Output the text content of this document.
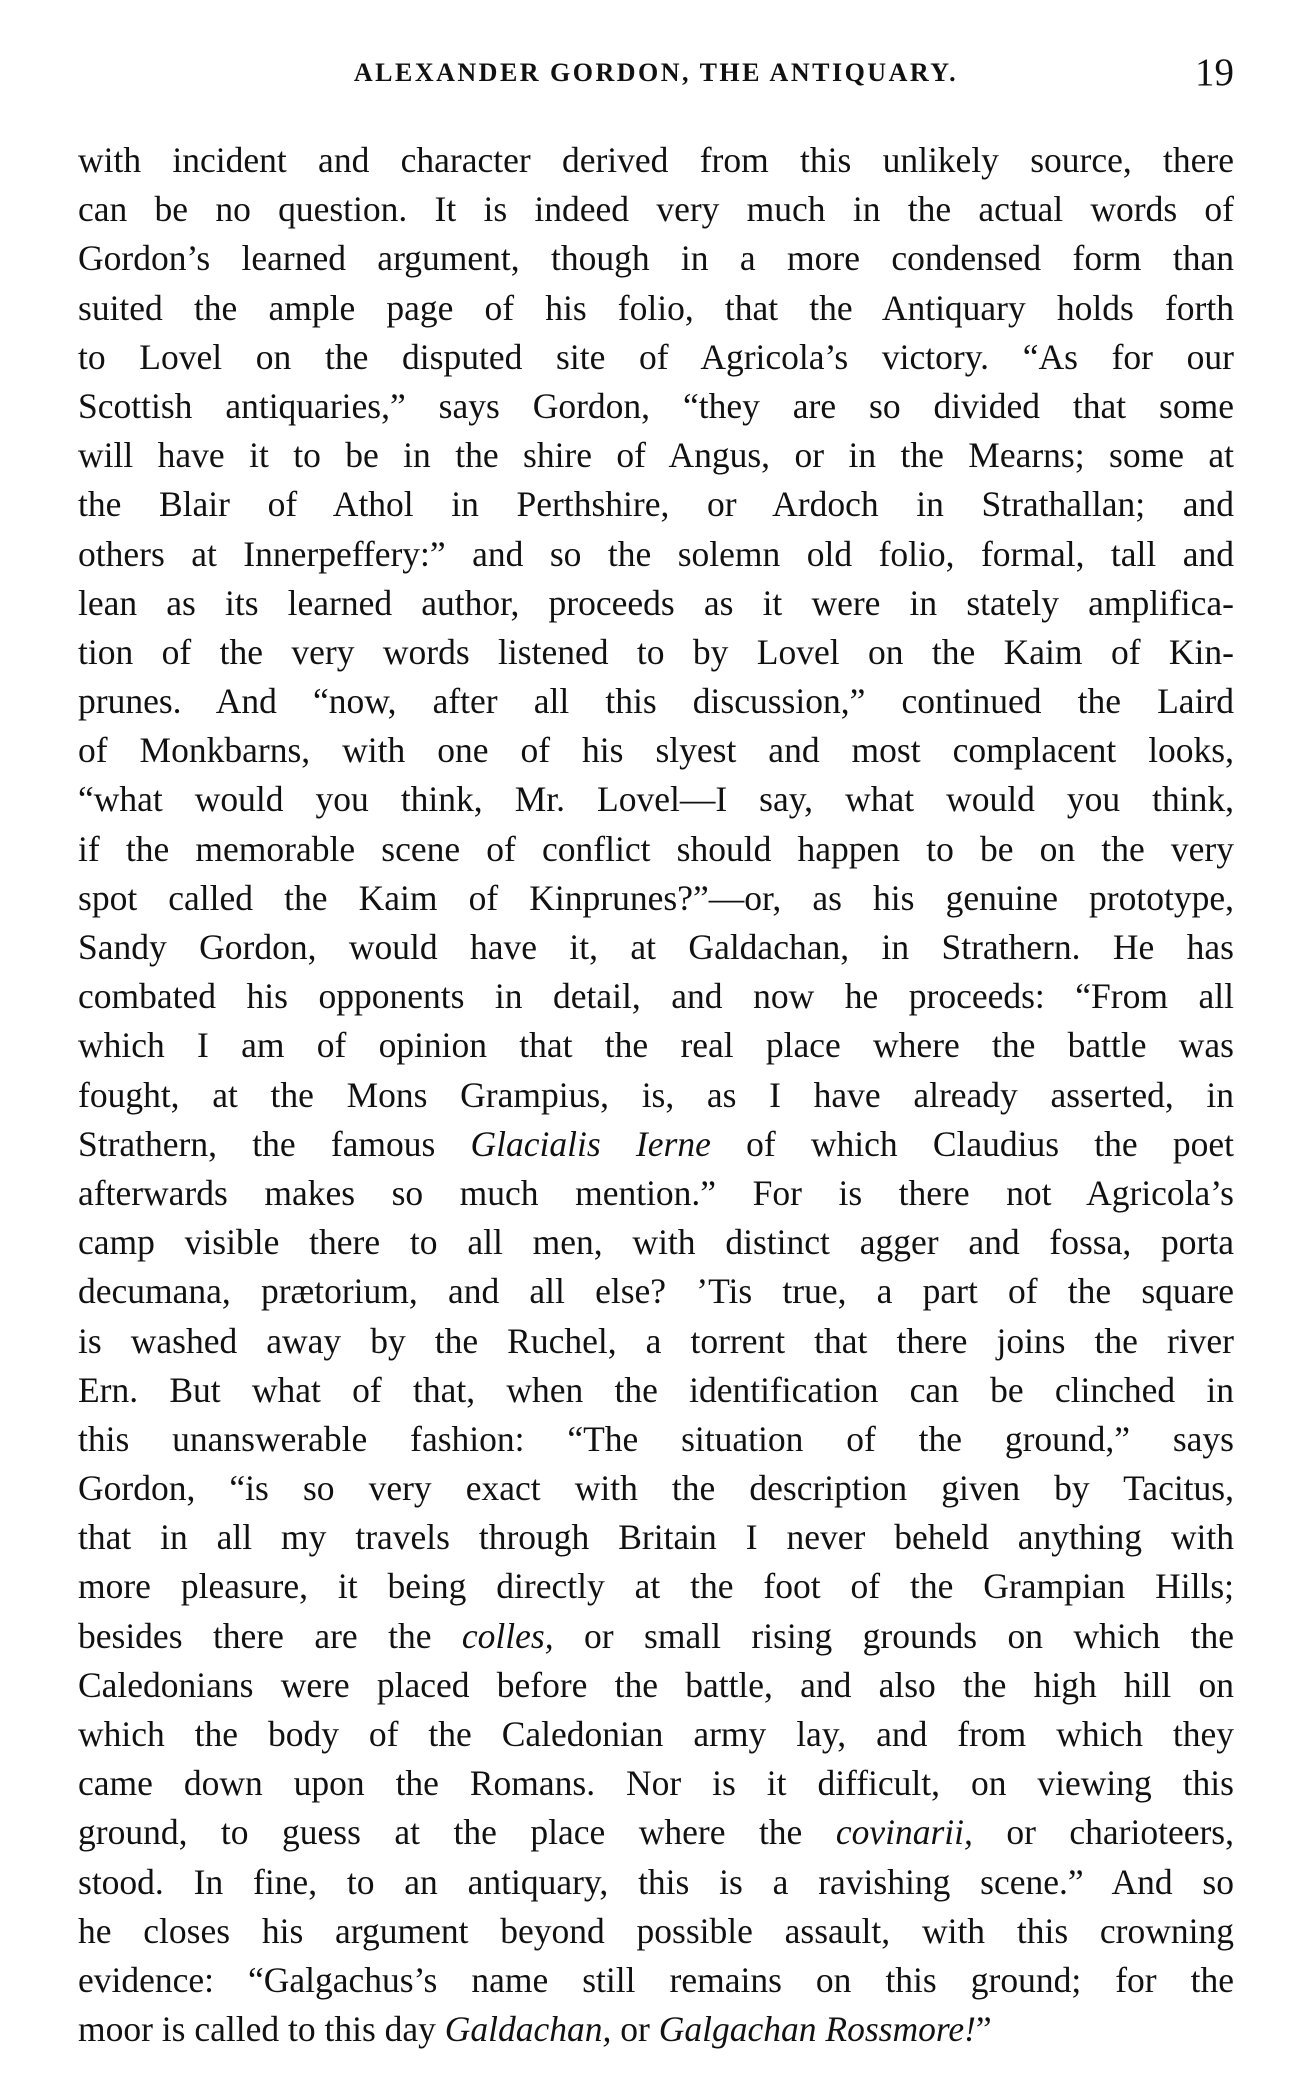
ALEXANDER GORDON, THE ANTIQUARY.	19
with incident and character derived from this unlikely source, there
can be no question. It is indeed very much in the actual words of
Gordon’s learned argument, though in a more condensed form than
suited the ample page of his folio, that the Antiquary holds forth
to Lovel on the disputed site of Agricola’s victory. “As for our
Scottish antiquaries,” says Gordon, “they are so divided that some
will have it to be in the shire of Angus, or in the Mearns; some at
the Blair of Athol in Perthshire, or Ardoch in Strathallan; and
others at Innerpeffery:” and so the solemn old folio, formal, tall and
lean as its learned author, proceeds as it were in stately amplifica-
tion of the very words listened to by Lovel on the Kaim of Kin-
prunes. And “now, after all this discussion,” continued the Laird
of Monkbarns, with one of his slyest and most complacent looks,
“what would you think, Mr. Lovel—I say, what would you think,
if the memorable scene of conflict should happen to be on the very
spot called the Kaim of Kinprunes?”—or, as his genuine prototype,
Sandy Gordon, would have it, at Galdachan, in Strathern. He has
combated his opponents in detail, and now he proceeds: “From all
which I am of opinion that the real place where the battle was
fought, at the Mons Grampius, is, as I have already asserted, in
Strathern, the famous Glacialis Ierne of which Claudius the poet
afterwards makes so much mention.” For is there not Agricola’s
camp visible there to all men, with distinct agger and fossa, porta
decumana, prætorium, and all else? ’Tis true, a part of the square
is washed away by the Ruchel, a torrent that there joins the river
Ern. But what of that, when the identification can be clinched in
this unanswerable fashion: “The situation of the ground,” says
Gordon, “is so very exact with the description given by Tacitus,
that in all my travels through Britain I never beheld anything with
more pleasure, it being directly at the foot of the Grampian Hills;
besides there are the colles, or small rising grounds on which the
Caledonians were placed before the battle, and also the high hill on
which the body of the Caledonian army lay, and from which they
came down upon the Romans. Nor is it difficult, on viewing this
ground, to guess at the place where the covinarii, or charioteers,
stood. In fine, to an antiquary, this is a ravishing scene.” And so
he closes his argument beyond possible assault, with this crowning
evidence: “Galgachus’s name still remains on this ground; for the
moor is called to this day Galdachan, or Galgachan Rossmore!”
